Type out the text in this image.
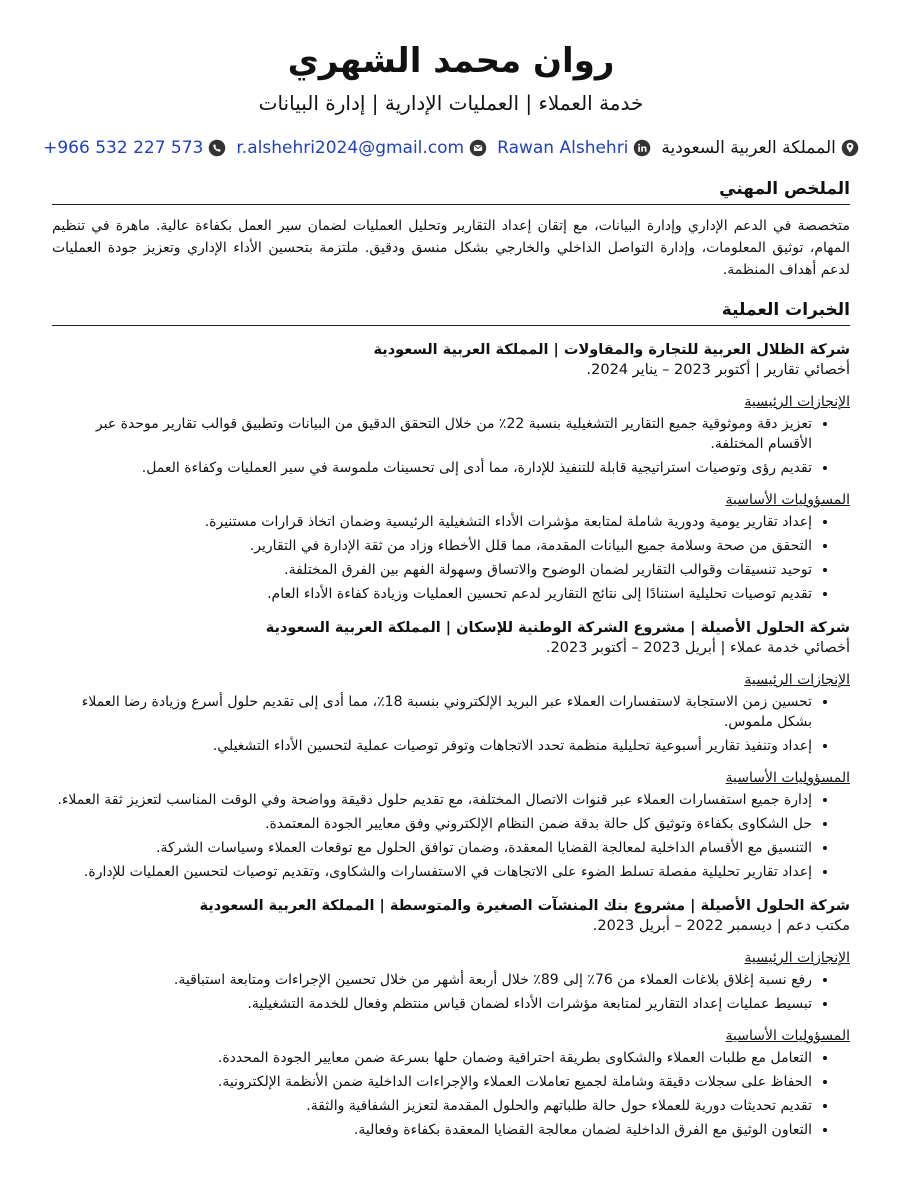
روان محمد الشهري
خدمة العملاء | العمليات الإدارية | إدارة البيانات
المملكة العربية السعودية
Rawan Alshehri
r.alshehri2024@gmail.com
+966 532 227 573
الملخص المهني
متخصصة في الدعم الإداري وإدارة البيانات، مع إتقان إعداد التقارير وتحليل العمليات لضمان سير العمل بكفاءة عالية. ماهرة في تنظيم المهام، توثيق المعلومات، وإدارة التواصل الداخلي والخارجي بشكل منسق ودقيق. ملتزمة بتحسين الأداء الإداري وتعزيز جودة العمليات لدعم أهداف المنظمة.
الخبرات العملية
شركة الظلال العربية للتجارة والمقاولات | المملكة العربية السعودية
أخصائي تقارير | أكتوبر 2023 – يناير 2024.
الإنجازات الرئيسية
• تعزيز دقة وموثوقية جميع التقارير التشغيلية بنسبة 22٪ من خلال التحقق الدقيق من البيانات وتطبيق قوالب تقارير موحدة عبر الأقسام المختلفة.
• تقديم رؤى وتوصيات استراتيجية قابلة للتنفيذ للإدارة، مما أدى إلى تحسينات ملموسة في سير العمليات وكفاءة العمل.
المسؤوليات الأساسية
• إعداد تقارير يومية ودورية شاملة لمتابعة مؤشرات الأداء التشغيلية الرئيسية وضمان اتخاذ قرارات مستنيرة.
• التحقق من صحة وسلامة جميع البيانات المقدمة، مما قلل الأخطاء وزاد من ثقة الإدارة في التقارير.
• توحيد تنسيقات وقوالب التقارير لضمان الوضوح والاتساق وسهولة الفهم بين الفرق المختلفة.
• تقديم توصيات تحليلية استنادًا إلى نتائج التقارير لدعم تحسين العمليات وزيادة كفاءة الأداء العام.
شركة الحلول الأصيلة | مشروع الشركة الوطنية للإسكان | المملكة العربية السعودية
أخصائي خدمة عملاء | أبريل 2023 – أكتوبر 2023.
الإنجازات الرئيسية
• تحسين زمن الاستجابة لاستفسارات العملاء عبر البريد الإلكتروني بنسبة 18٪، مما أدى إلى تقديم حلول أسرع وزيادة رضا العملاء بشكل ملموس.
• إعداد وتنفيذ تقارير أسبوعية تحليلية منظمة تحدد الاتجاهات وتوفر توصيات عملية لتحسين الأداء التشغيلي.
المسؤوليات الأساسية
• إدارة جميع استفسارات العملاء عبر قنوات الاتصال المختلفة، مع تقديم حلول دقيقة وواضحة وفي الوقت المناسب لتعزيز ثقة العملاء.
• حل الشكاوى بكفاءة وتوثيق كل حالة بدقة ضمن النظام الإلكتروني وفق معايير الجودة المعتمدة.
• التنسيق مع الأقسام الداخلية لمعالجة القضايا المعقدة، وضمان توافق الحلول مع توقعات العملاء وسياسات الشركة.
• إعداد تقارير تحليلية مفصلة تسلط الضوء على الاتجاهات في الاستفسارات والشكاوى، وتقديم توصيات لتحسين العمليات للإدارة.
شركة الحلول الأصيلة | مشروع بنك المنشآت الصغيرة والمتوسطة | المملكة العربية السعودية
مكتب دعم | ديسمبر 2022 – أبريل 2023.
الإنجازات الرئيسية
• رفع نسبة إغلاق بلاغات العملاء من 76٪ إلى 89٪ خلال أربعة أشهر من خلال تحسين الإجراءات ومتابعة استباقية.
• تبسيط عمليات إعداد التقارير لمتابعة مؤشرات الأداء لضمان قياس منتظم وفعال للخدمة التشغيلية.
المسؤوليات الأساسية
• التعامل مع طلبات العملاء والشكاوى بطريقة احترافية وضمان حلها بسرعة ضمن معايير الجودة المحددة.
• الحفاظ على سجلات دقيقة وشاملة لجميع تعاملات العملاء والإجراءات الداخلية ضمن الأنظمة الإلكترونية.
• تقديم تحديثات دورية للعملاء حول حالة طلباتهم والحلول المقدمة لتعزيز الشفافية والثقة.
• التعاون الوثيق مع الفرق الداخلية لضمان معالجة القضايا المعقدة بكفاءة وفعالية.
